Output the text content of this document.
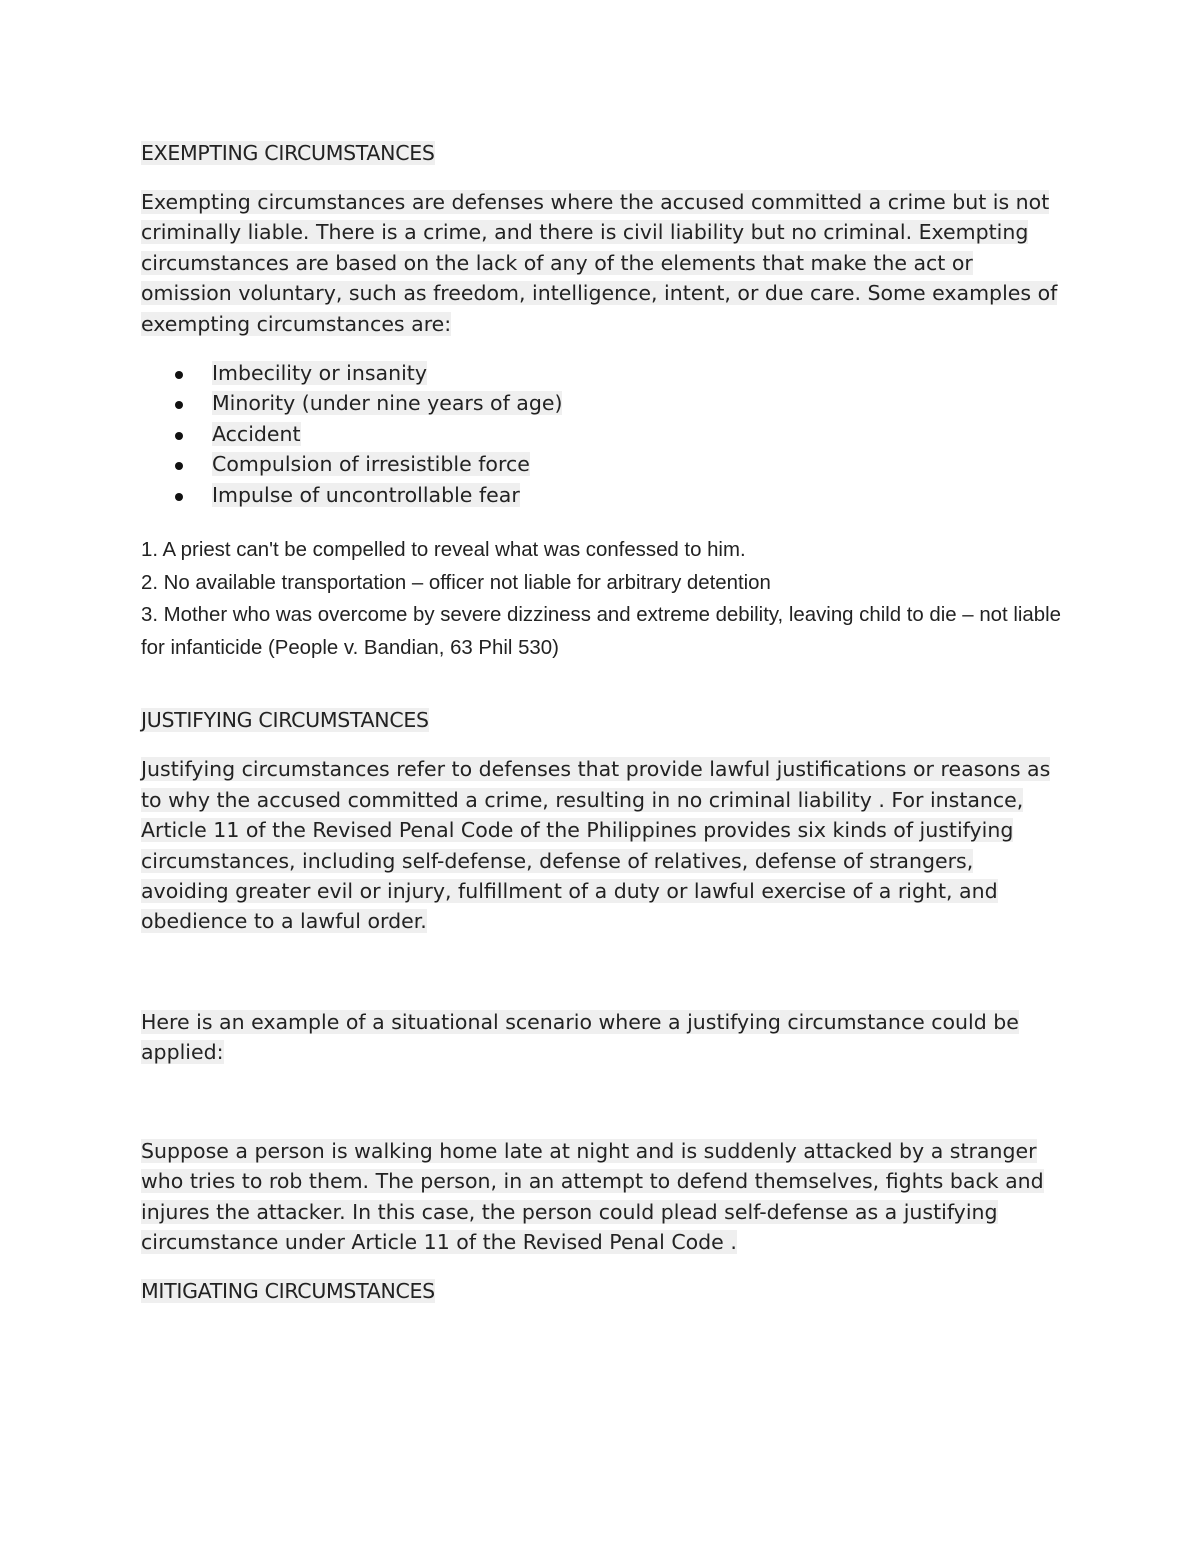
EXEMPTING CIRCUMSTANCES

Exempting circumstances are defenses where the accused committed a crime but is not criminally liable. There is a crime, and there is civil liability but no criminal. Exempting circumstances are based on the lack of any of the elements that make the act or omission voluntary, such as freedom, intelligence, intent, or due care. Some examples of exempting circumstances are:

Imbecility or insanity
Minority (under nine years of age)
Accident
Compulsion of irresistible force
Impulse of uncontrollable fear
1. A priest can't be compelled to reveal what was confessed to him.
2. No available transportation – officer not liable for arbitrary detention
3. Mother who was overcome by severe dizziness and extreme debility, leaving child to die – not liable for infanticide (People v. Bandian, 63 Phil 530)
JUSTIFYING CIRCUMSTANCES

Justifying circumstances refer to defenses that provide lawful justifications or reasons as to why the accused committed a crime, resulting in no criminal liability . For instance, Article 11 of the Revised Penal Code of the Philippines provides six kinds of justifying circumstances, including self-defense, defense of relatives, defense of strangers, avoiding greater evil or injury, fulfillment of a duty or lawful exercise of a right, and obedience to a lawful order.

Here is an example of a situational scenario where a justifying circumstance could be applied:

Suppose a person is walking home late at night and is suddenly attacked by a stranger who tries to rob them. The person, in an attempt to defend themselves, fights back and injures the attacker. In this case, the person could plead self-defense as a justifying circumstance under Article 11 of the Revised Penal Code .

MITIGATING CIRCUMSTANCES
